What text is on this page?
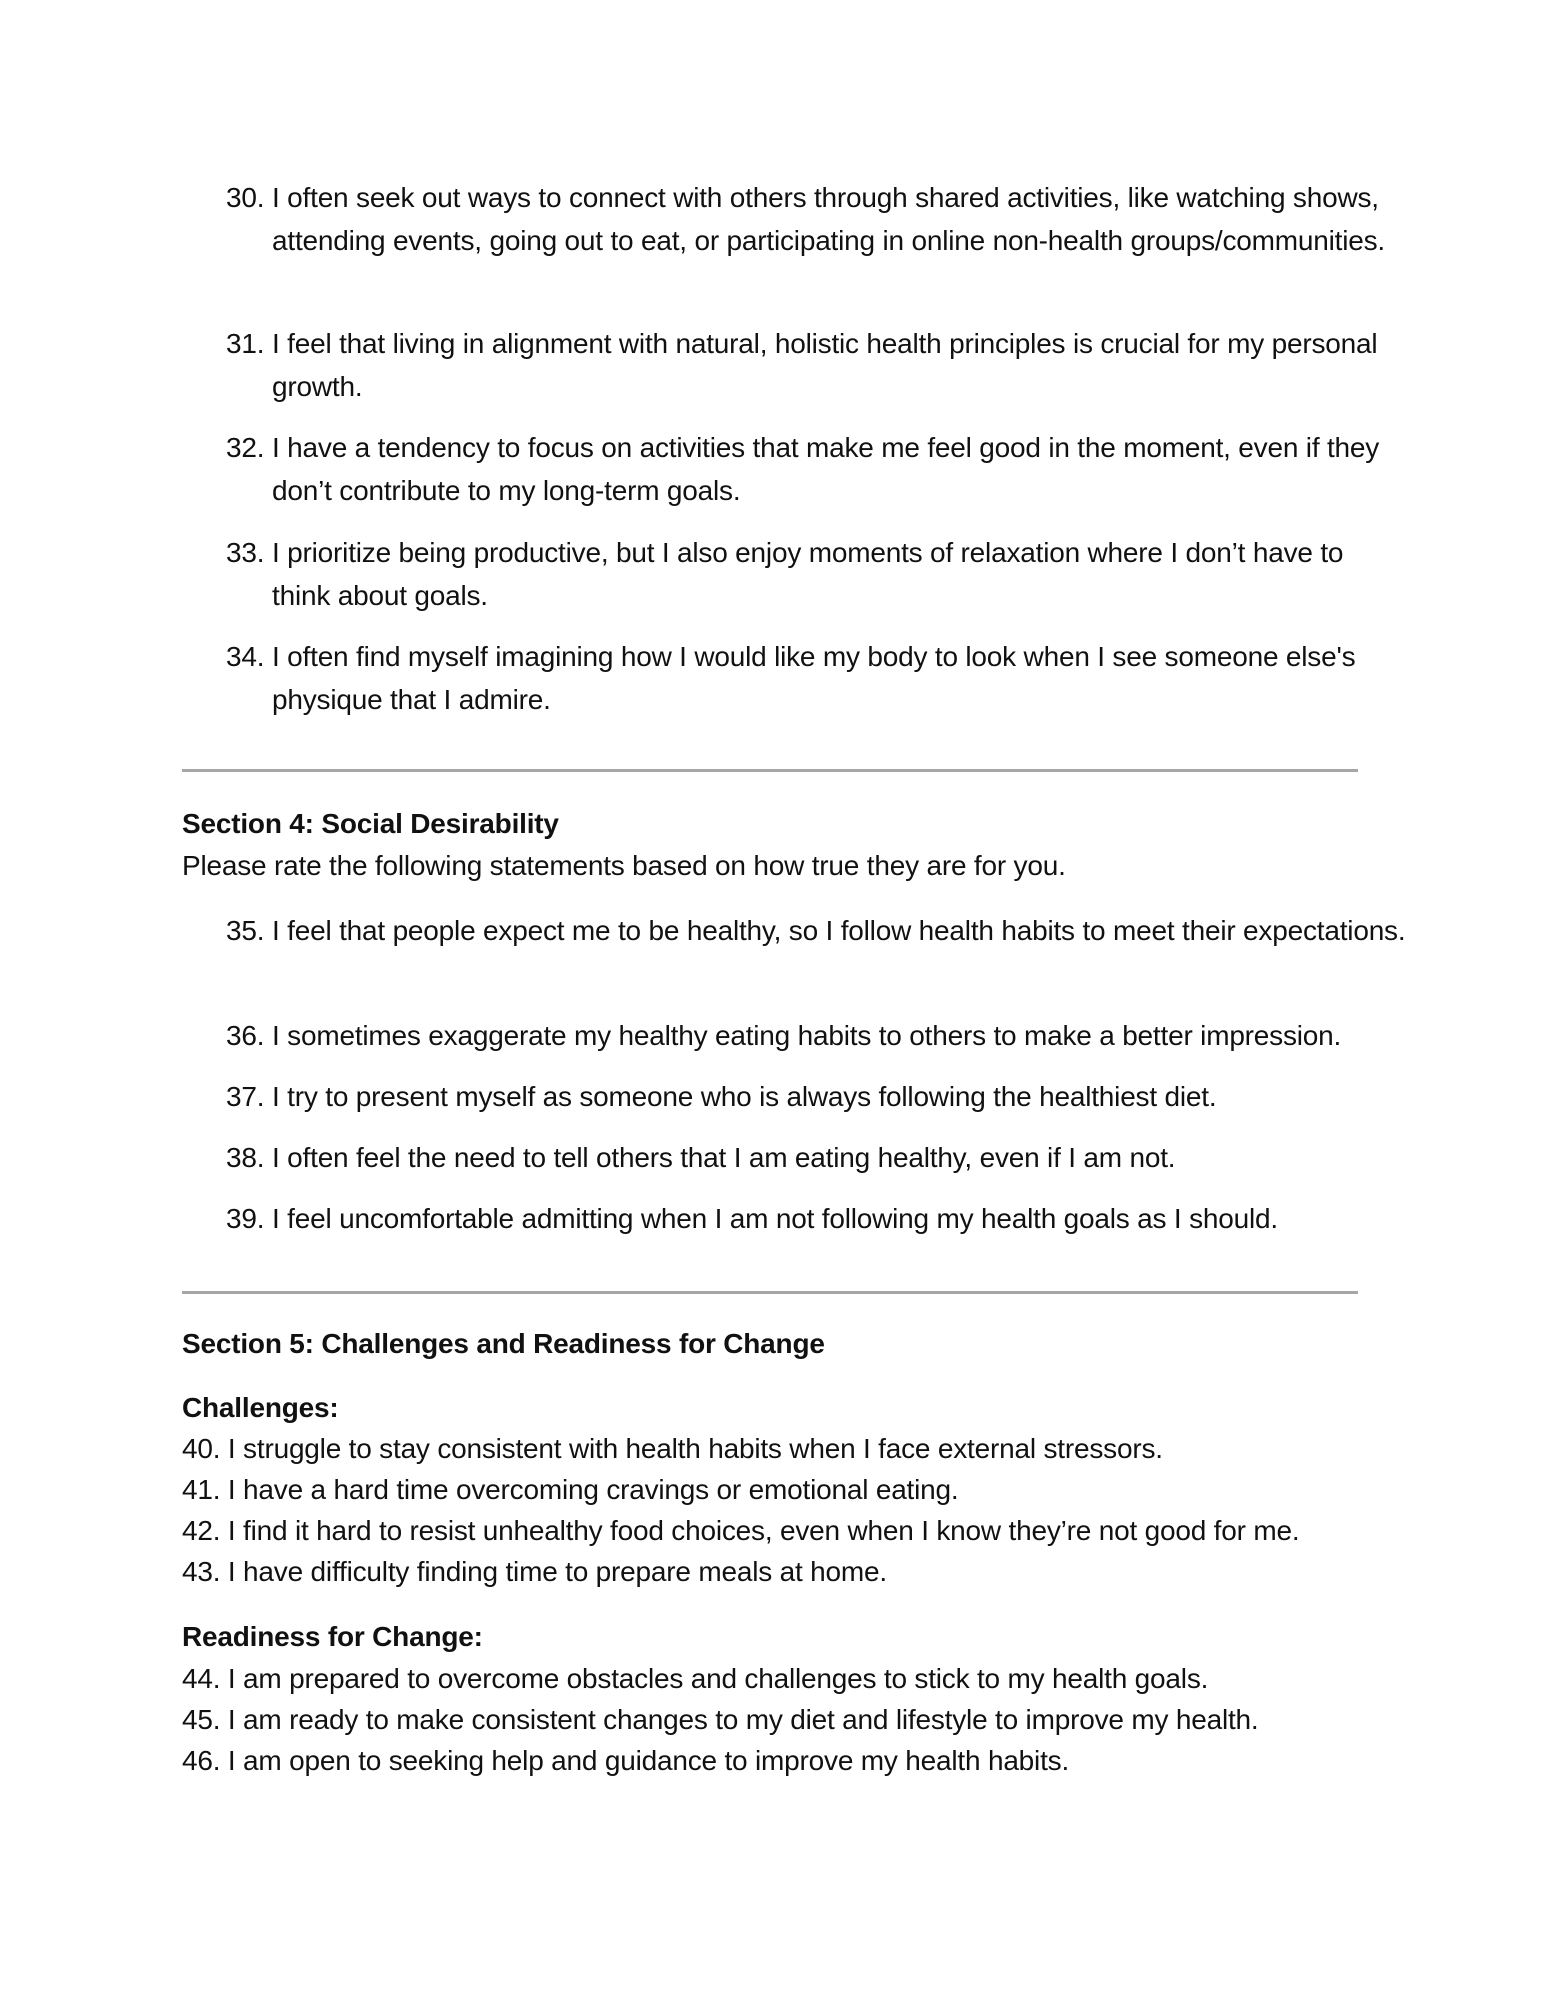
30. I often seek out ways to connect with others through shared activities, like watching shows, attending events, going out to eat, or participating in online non-health groups/communities.
31. I feel that living in alignment with natural, holistic health principles is crucial for my personal growth.
32. I have a tendency to focus on activities that make me feel good in the moment, even if they don’t contribute to my long-term goals.
33. I prioritize being productive, but I also enjoy moments of relaxation where I don’t have to think about goals.
34. I often find myself imagining how I would like my body to look when I see someone else's physique that I admire.
Section 4: Social Desirability
Please rate the following statements based on how true they are for you.
35. I feel that people expect me to be healthy, so I follow health habits to meet their expectations.
36. I sometimes exaggerate my healthy eating habits to others to make a better impression.
37. I try to present myself as someone who is always following the healthiest diet.
38. I often feel the need to tell others that I am eating healthy, even if I am not.
39. I feel uncomfortable admitting when I am not following my health goals as I should.
Section 5: Challenges and Readiness for Change
Challenges:
40. I struggle to stay consistent with health habits when I face external stressors.
41. I have a hard time overcoming cravings or emotional eating.
42. I find it hard to resist unhealthy food choices, even when I know they’re not good for me.
43. I have difficulty finding time to prepare meals at home.
Readiness for Change:
44. I am prepared to overcome obstacles and challenges to stick to my health goals.
45. I am ready to make consistent changes to my diet and lifestyle to improve my health.
46. I am open to seeking help and guidance to improve my health habits.
